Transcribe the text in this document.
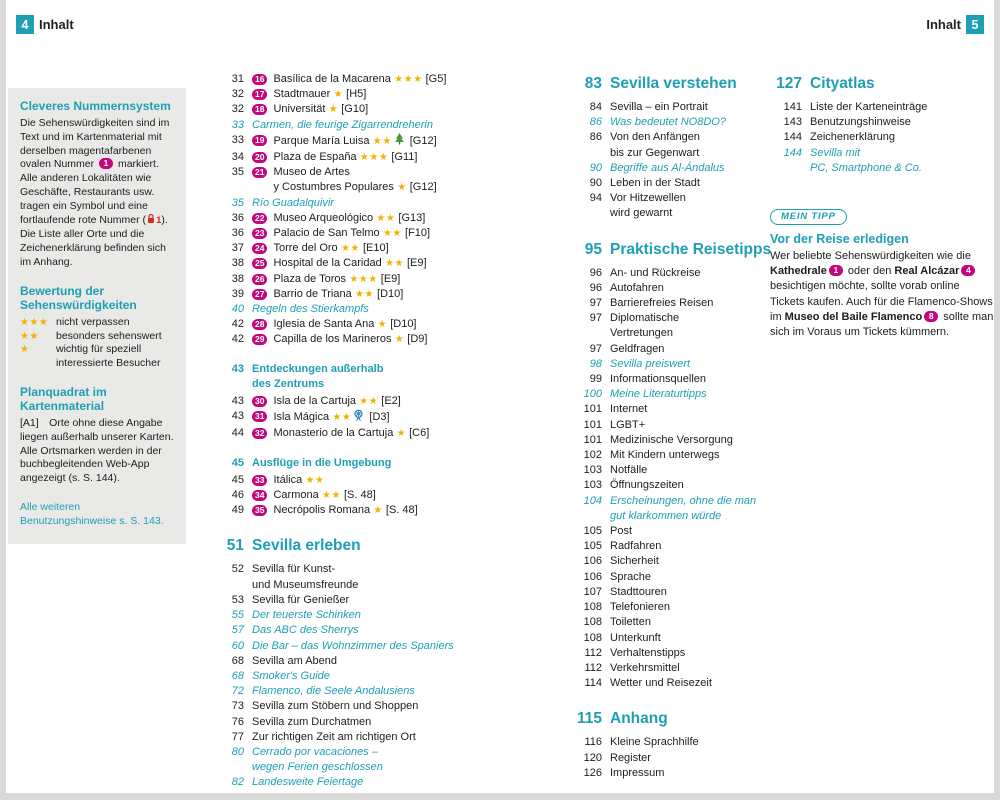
4 Inhalt	Inhalt 5
Cleveres Nummernsystem
Die Sehenswürdigkeiten sind im Text und im Kartenmaterial mit derselben magentafarbenen ovalen Nummer 1 markiert. Alle anderen Lokalitäten wie Geschäfte, Restaurants usw. tragen ein Symbol und eine fortlaufende rote Nummer ( 1). Die Liste aller Orte und die Zeichenerklärung befinden sich im Anhang.
Bewertung der Sehenswürdigkeiten
★★★ nicht verpassen
★★	besonders sehenswert
★	wichtig für speziell interessierte Besucher
Planquadrat im Kartenmaterial
[A1] Orte ohne diese Angabe liegen außerhalb unserer Karten. Alle Ortsmarken werden in der buchbegleitenden Web-App angezeigt (s. S. 144).
Alle weiteren Benutzungshinweise s. S. 143.
31	16 Basílica de la Macarena ★★★ [G5]
32	17 Stadtmauer ★ [H5]
32	18 Universität ★ [G10]
33 Carmen, die feurige Zigarrendreherin
33	19 Parque María Luisa ★★ [G12]
34	20 Plaza de España ★★★ [G11]
35	21 Museo de Artes
y Costumbres Populares ★ [G12]
35 Río Guadalquivir
36	22 Museo Arqueológico ★★ [G13]
36	23 Palacio de San Telmo ★★ [F10]
37	24 Torre del Oro ★★ [E10]
38	25 Hospital de la Caridad ★★ [E9]
38	26 Plaza de Toros ★★★ [E9]
39	27 Barrio de Triana ★★ [D10]
40 Regeln des Stierkampfs
42	28 Iglesia de Santa Ana ★ [D10]
42	29 Capilla de los Marineros ★ [D9]
43 Entdeckungen außerhalb
des Zentrums
43	30 Isla de la Cartuja ★★ [E2]
43	31 Isla Mágica ★★ [D3]
44	32 Monasterio de la Cartuja ★ [C6]
45 Ausflüge in die Umgebung
45	33 Itálica ★★
46	34 Carmona ★★ [S. 48]
49	35 Necrópolis Romana ★ [S. 48]
51 Sevilla erleben
52 Sevilla für Kunst-
und Museumsfreunde
53 Sevilla für Genießer
55 Der teuerste Schinken
57 Das ABC des Sherrys
60 Die Bar – das Wohnzimmer des Spaniers
68 Sevilla am Abend
68 Smoker's Guide
72 Flamenco, die Seele Andalusiens
73 Sevilla zum Stöbern und Shoppen
76 Sevilla zum Durchatmen
77 Zur richtigen Zeit am richtigen Ort
80 Cerrado por vacaciones –
wegen Ferien geschlossen
82 Landesweite Feiertage
83 Sevilla verstehen
84 Sevilla – ein Portrait
86 Was bedeutet NO8DO?
86 Von den Anfängen
bis zur Gegenwart
90 Begriffe aus Al-Ándalus
90 Leben in der Stadt
94 Vor Hitzewellen
wird gewarnt
95 Praktische Reisetipps
96 An- und Rückreise
96 Autofahren
97 Barrierefreies Reisen
97 Diplomatische
Vertretungen
97 Geldfragen
98 Sevilla preiswert
99 Informationsquellen
100 Meine Literaturtipps
101 Internet
101 LGBT+
101 Medizinische Versorgung
102 Mit Kindern unterwegs
103 Notfälle
103 Öffnungszeiten
104 Erscheinungen, ohne die man
gut klarkommen würde
105 Post
105 Radfahren
106 Sicherheit
106 Sprache
107 Stadttouren
108 Telefonieren
108 Toiletten
108 Unterkunft
112 Verhaltenstipps
112 Verkehrsmittel
114 Wetter und Reisezeit
115 Anhang
116 Kleine Sprachhilfe
120 Register
126 Impressum
127 Cityatlas
141 Liste der Karteneinträge
143 Benutzungshinweise
144 Zeichenerklärung
144 Sevilla mit
PC, Smartphone & Co.
MEIN TIPP
Vor der Reise erledigen
Wer beliebte Sehenswürdigkeiten wie die Kathedrale 1 oder den Real Alcázar 4 besichtigen möchte, sollte vorab online Tickets kaufen. Auch für die Flamenco-Shows im Museo del Baile Flamenco 8 sollte man sich im Voraus um Tickets kümmern.
